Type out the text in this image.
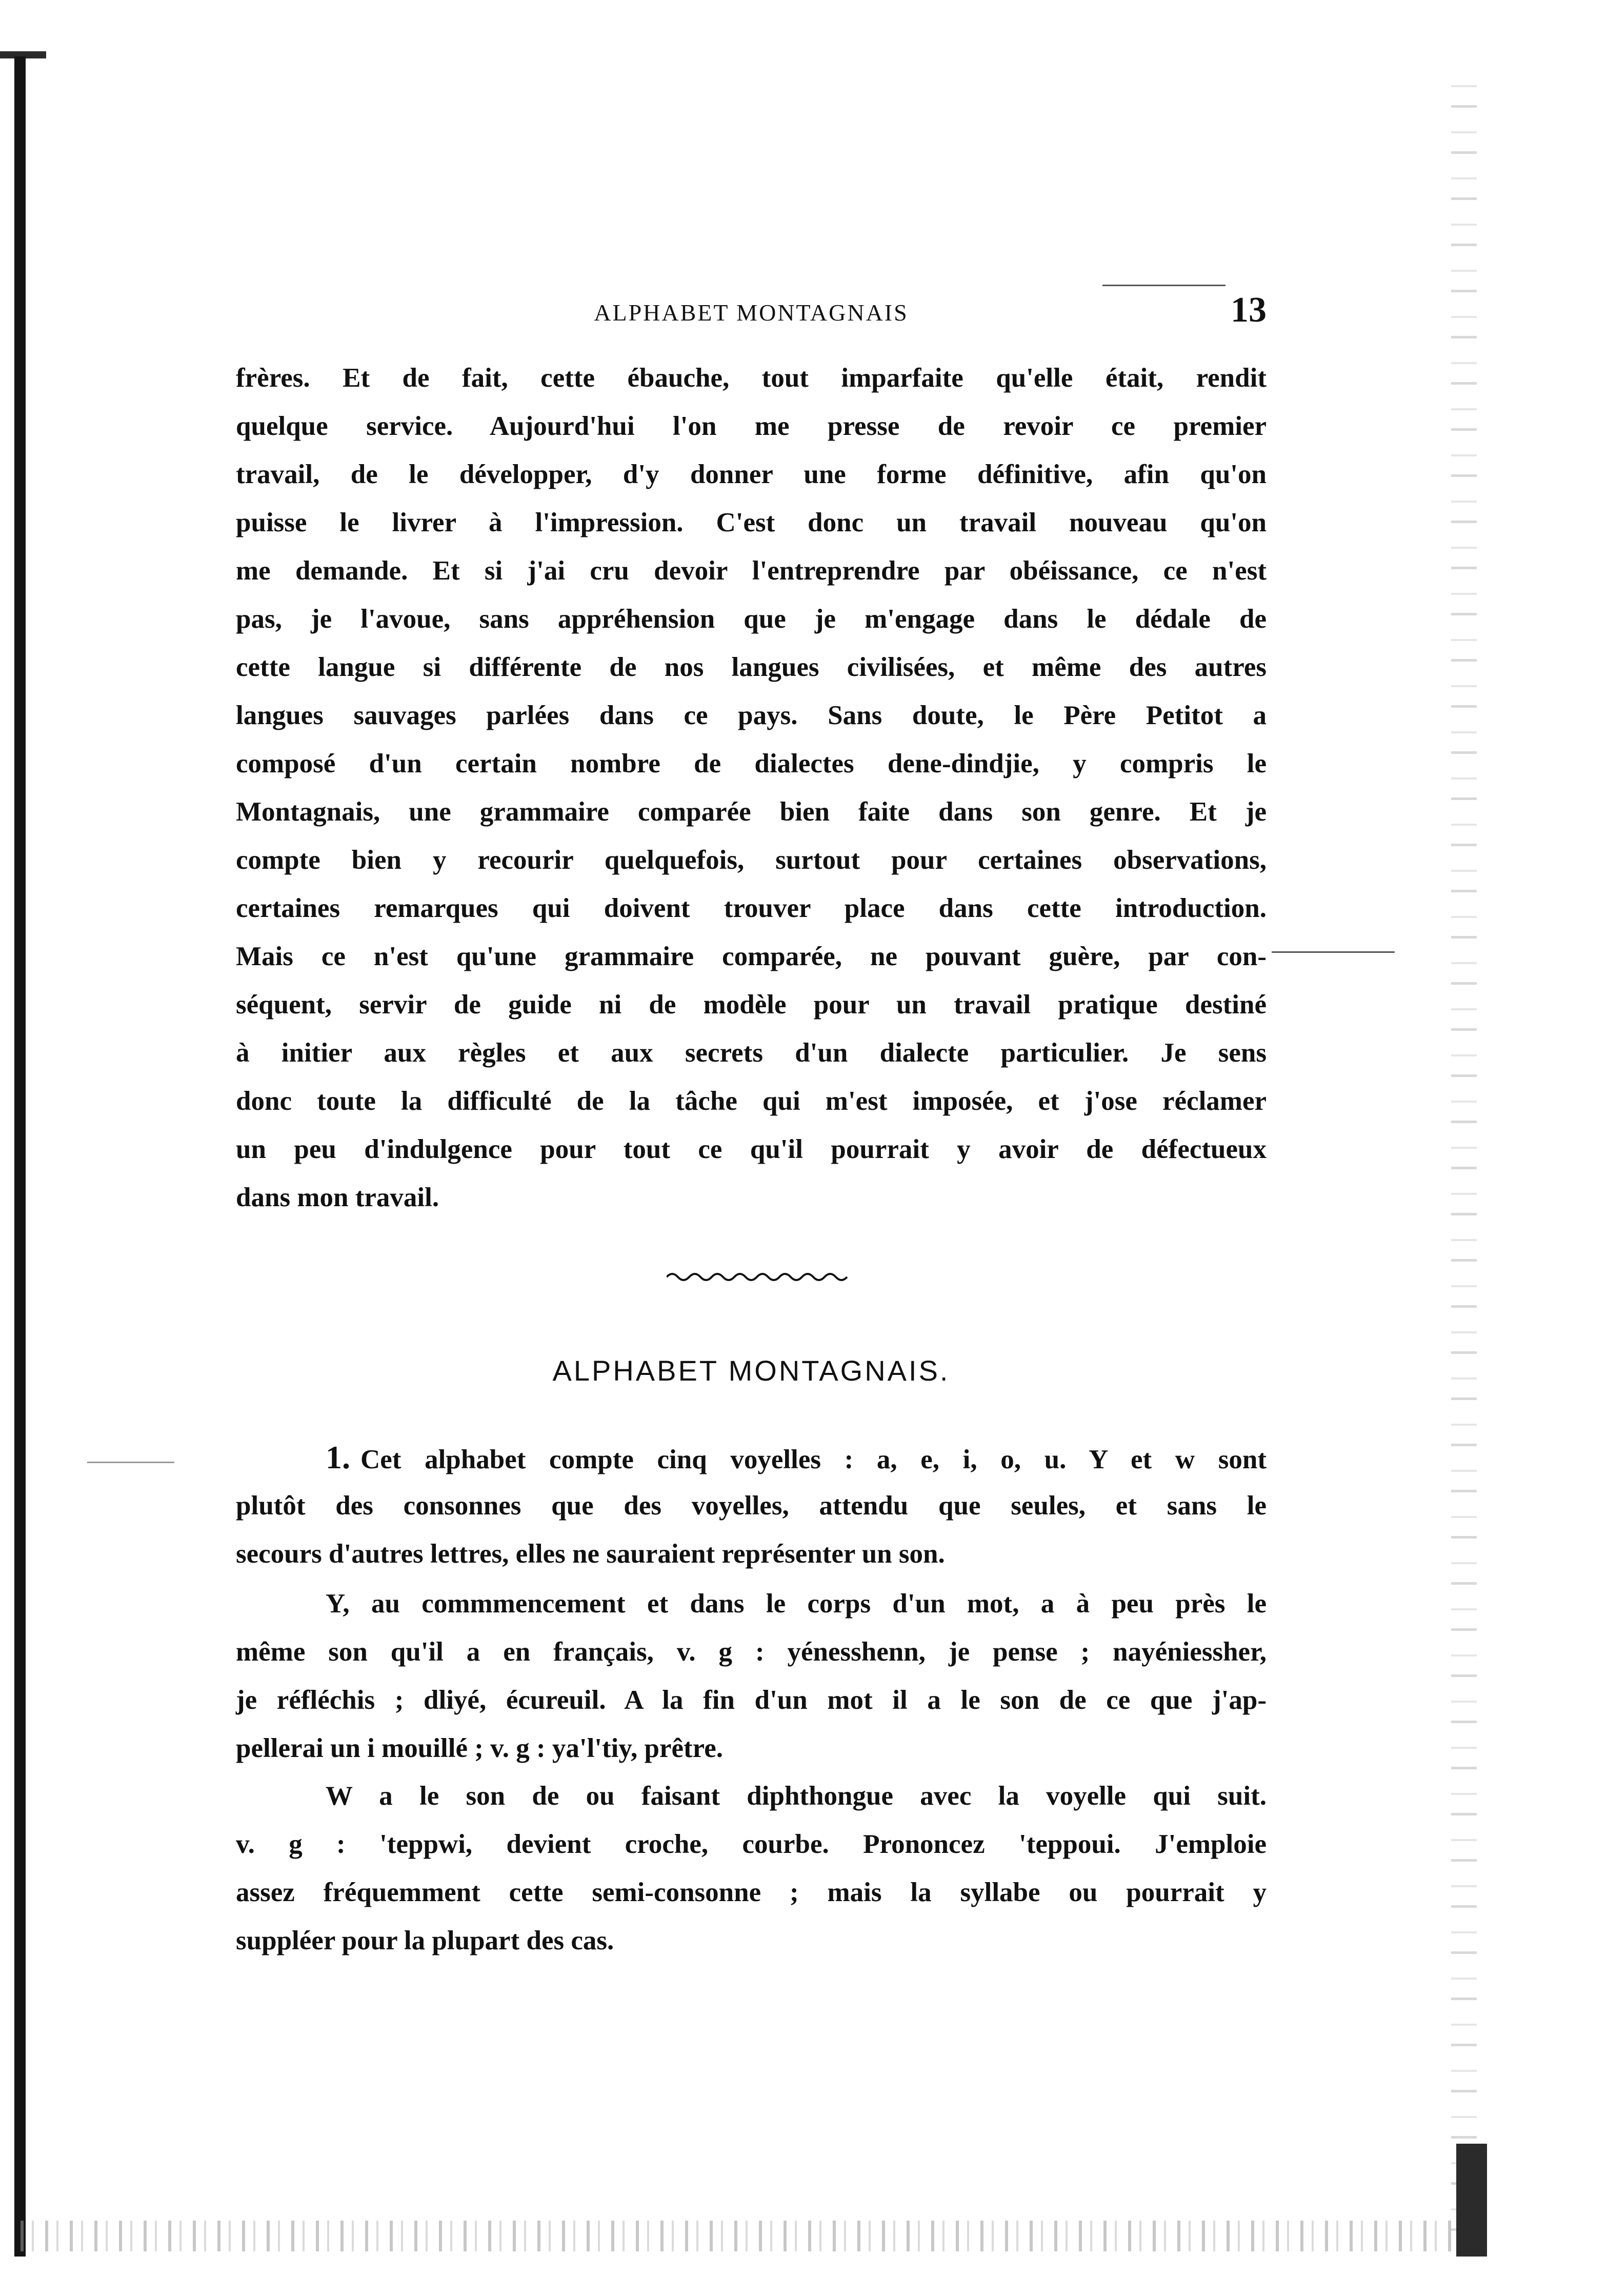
ALPHABET MONTAGNAIS	13
frères. Et de fait, cette ébauche, tout imparfaite qu'elle était, rendit
quelque service. Aujourd'hui l'on me presse de revoir ce premier
travail, de le développer, d'y donner une forme définitive, afin qu'on
puisse le livrer à l'impression. C'est donc un travail nouveau qu'on
me demande. Et si j'ai cru devoir l'entreprendre par obéissance, ce n'est
pas, je l'avoue, sans appréhension que je m'engage dans le dédale de
cette langue si différente de nos langues civilisées, et même des autres
langues sauvages parlées dans ce pays. Sans doute, le Père Petitot a
composé d'un certain nombre de dialectes dene-dindjie, y compris le
Montagnais, une grammaire comparée bien faite dans son genre. Et je
compte bien y recourir quelquefois, surtout pour certaines observations,
certaines remarques qui doivent trouver place dans cette introduction.
Mais ce n'est qu'une grammaire comparée, ne pouvant guère, par con-
séquent, servir de guide ni de modèle pour un travail pratique destiné
à initier aux règles et aux secrets d'un dialecte particulier. Je sens
donc toute la difficulté de la tâche qui m'est imposée, et j'ose réclamer
un peu d'indulgence pour tout ce qu'il pourrait y avoir de défectueux
dans mon travail.
ALPHABET MONTAGNAIS.
1. Cet alphabet compte cinq voyelles : a, e, i, o, u. Y et w sont
plutôt des consonnes que des voyelles, attendu que seules, et sans le
secours d'autres lettres, elles ne sauraient représenter un son.
Y, au commmencement et dans le corps d'un mot, a à peu près le
même son qu'il a en français, v. g : yénesshenn, je pense ; nayéniessher,
je réfléchis ; dliyé, écureuil. A la fin d'un mot il a le son de ce que j'ap-
pellerai un i mouillé ; v. g : ya'l'tiy, prêtre.
W a le son de ou faisant diphthongue avec la voyelle qui suit.
v. g : 'teppwi, devient croche, courbe. Prononcez 'teppoui. J'emploie
assez fréquemment cette semi-consonne ; mais la syllabe ou pourrait y
suppléer pour la plupart des cas.
